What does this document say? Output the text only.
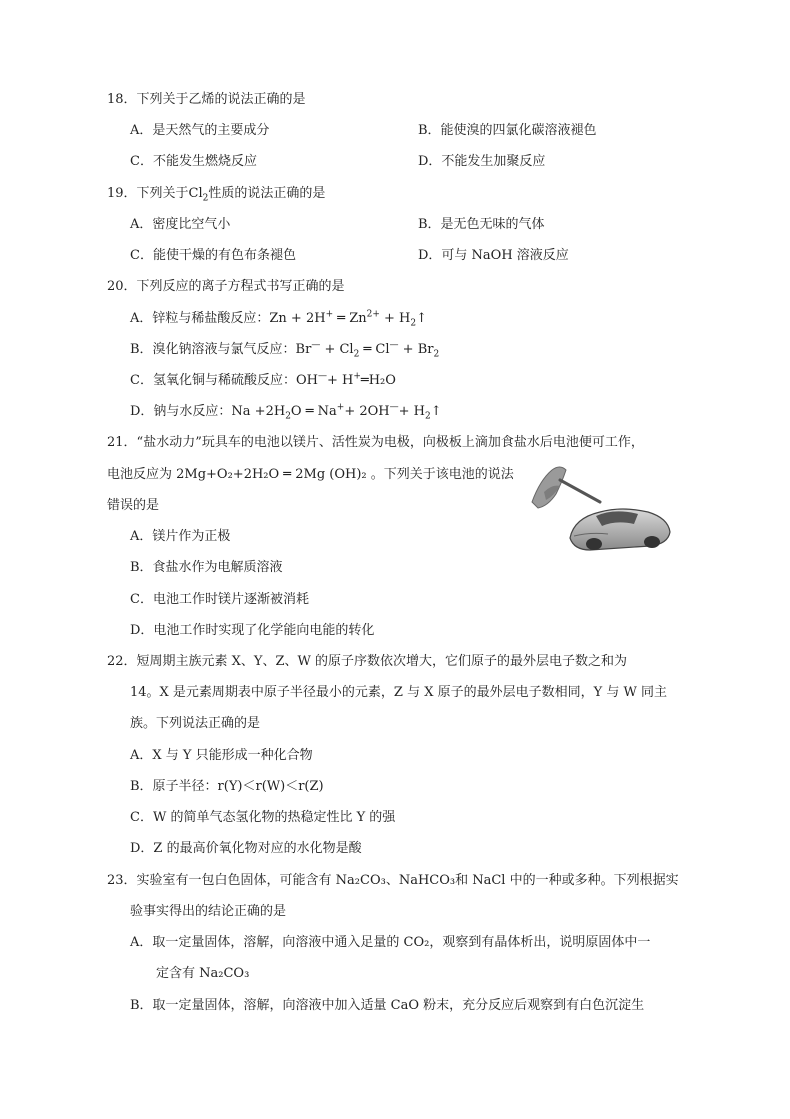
18．下列关于乙烯的说法正确的是
A．是天然气的主要成分	B．能使溴的四氯化碳溶液褪色
C．不能发生燃烧反应	D．不能发生加聚反应
19．下列关于$Cl_2$性质的说法正确的是
A．密度比空气小	B．是无色无味的气体
C．能使干燥的有色布条褪色	D．可与 NaOH 溶液反应
20．下列反应的离子方程式书写正确的是
A．锌粒与稀盐酸反应：Zn + 2H+ ═ $Zn^{2+}$ + $H_2↑$
B．溴化钠溶液与氯气反应：$Br^— + Cl_2$ ═ $Cl^— + Br_2$
C．氢氧化铜与稀硫酸反应：OH—+ H+═H₂O
D．钠与水反应：$Na +2H_2O$ ═ $Na^++ 2OH^—+ H_2↑$
21．“盐水动力”玩具车的电池以镁片、活性炭为电极，向极板上滴加食盐水后电池便可工作，
电池反应为 2Mg+O₂+2H₂O ═ 2Mg (OH)₂ 。下列关于该电池的说法
错误的是
A．镁片作为正极
B．食盐水作为电解质溶液
C．电池工作时镁片逐渐被消耗
D．电池工作时实现了化学能向电能的转化
22．短周期主族元素 X、Y、Z、W 的原子序数依次增大，它们原子的最外层电子数之和为
14。X 是元素周期表中原子半径最小的元素，Z 与 X 原子的最外层电子数相同，Y 与 W 同主
族。下列说法正确的是
A．X 与 Y 只能形成一种化合物
B．原子半径：r(Y)＜r(W)＜r(Z)
C．W 的简单气态氢化物的热稳定性比 Y 的强
D．Z 的最高价氧化物对应的水化物是酸
23．实验室有一包白色固体，可能含有 Na₂CO₃、NaHCO₃和 NaCl 中的一种或多种。下列根据实
验事实得出的结论正确的是
A．取一定量固体，溶解，向溶液中通入足量的 CO₂，观察到有晶体析出，说明原固体中一
定含有 Na₂CO₃
B．取一定量固体，溶解，向溶液中加入适量 CaO 粉末，充分反应后观察到有白色沉淀生
